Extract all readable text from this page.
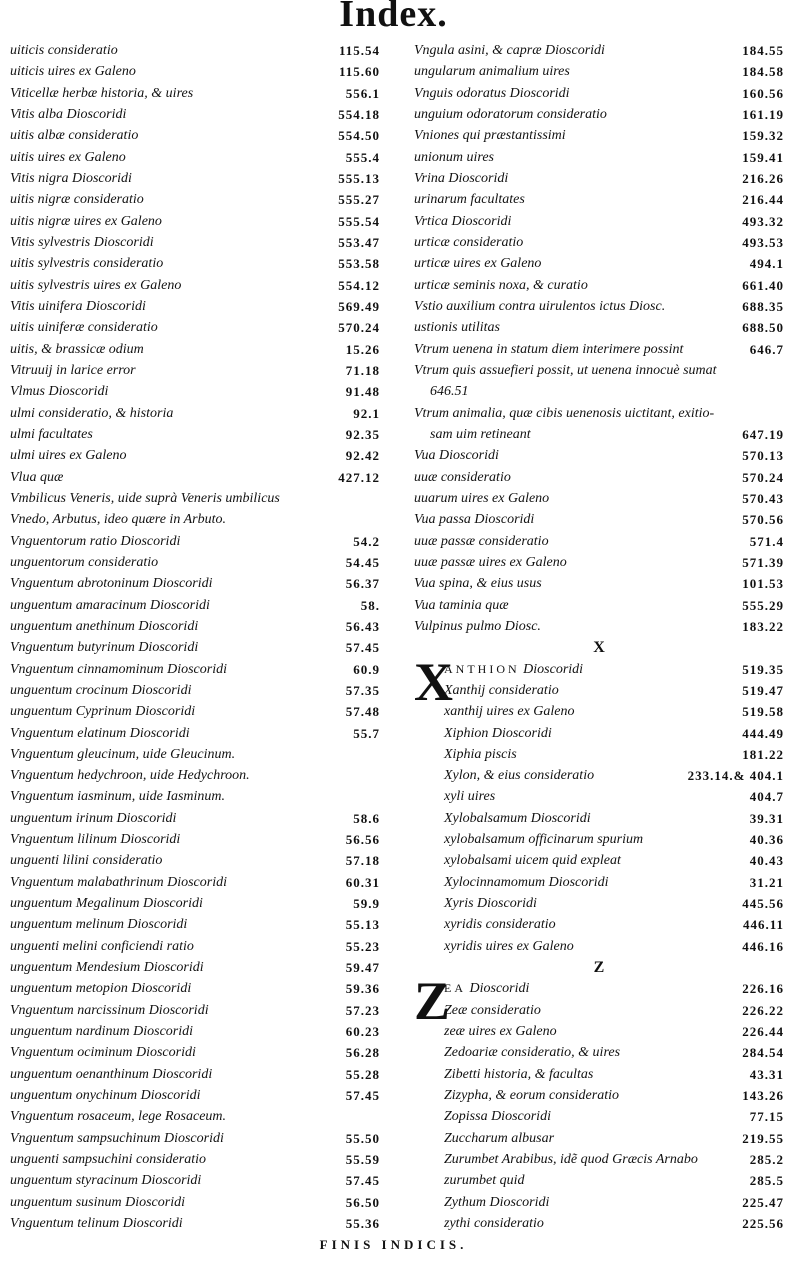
Index.
uiticis consideratio	115.54
uiticis uires ex Galeno	115.60
Viticellæ herbæ historia, & uires	556.1
Vitis alba Dioscoridi	554.18
uitis albæ consideratio	554.50
uitis uires ex Galeno	555.4
Vitis nigra Dioscoridi	555.13
uitis nigræ consideratio	555.27
uitis nigræ uires ex Galeno	555.54
Vitis sylvestris Dioscoridi	553.47
uitis sylvestris consideratio	553.58
uitis sylvestris uires ex Galeno	554.12
Vitis uinifera Dioscoridi	569.49
uitis uiniferæ consideratio	570.24
uitis, & brassicæ odium	15.26
Vitruuij in larice error	71.18
Vlmus Dioscoridi	91.48
ulmi consideratio, & historia	92.1
ulmi facultates	92.35
ulmi uires ex Galeno	92.42
Vlua quæ	427.12
Vmbilicus Veneris, uide suprà Veneris umbilicus
Vnedo, Arbutus, ideo quære in Arbuto.
Vnguentorum ratio Dioscoridi	54.2
unguentorum consideratio	54.45
Vnguentum abrotoninum Dioscoridi	56.37
unguentum amaracinum Dioscoridi	58.
unguentum anethinum Dioscoridi	56.43
Vnguentum butyrinum Dioscoridi	57.45
Vnguentum cinnamominum Dioscoridi	60.9
unguentum crocinum Dioscoridi	57.35
unguentum Cyprinum Dioscoridi	57.48
Vnguentum elatinum Dioscoridi	55.7
Vnguentum gleucinum, uide Gleucinum.
Vnguentum hedychroon, uide Hedychroon.
Vnguentum iasminum, uide Iasminum.
unguentum irinum Dioscoridi	58.6
Vnguentum lilinum Dioscoridi	56.56
unguenti lilini consideratio	57.18
Vnguentum malabathrinum Dioscoridi	60.31
unguentum Megalinum Dioscoridi	59.9
unguentum melinum Dioscoridi	55.13
unguenti melini conficiendi ratio	55.23
unguentum Mendesium Dioscoridi	59.47
unguentum metopion Dioscoridi	59.36
Vnguentum narcissinum Dioscoridi	57.23
unguentum nardinum Dioscoridi	60.23
Vnguentum ociminum Dioscoridi	56.28
unguentum oenanthinum Dioscoridi	55.28
unguentum onychinum Dioscoridi	57.45
Vnguentum rosaceum, lege Rosaceum.
Vnguentum sampsuchinum Dioscoridi	55.50
unguenti sampsuchini consideratio	55.59
unguentum styracinum Dioscoridi	57.45
unguentum susinum Dioscoridi	56.50
Vnguentum telinum Dioscoridi	55.36
Vngula asini, & capræ Dioscoridi	184.55
ungularum animalium uires	184.58
Vnguis odoratus Dioscoridi	160.56
unguium odoratorum consideratio	161.19
Vniones qui præstantissimi	159.32
unionum uires	159.41
Vrina Dioscoridi	216.26
urinarum facultates	216.44
Vrtica Dioscoridi	493.32
urticæ consideratio	493.53
urticæ uires ex Galeno	494.1
urticæ seminis noxa, & curatio	661.40
Vstio auxilium contra uirulentos ictus Diosc.	688.35
ustionis utilitas	688.50
Vtrum uenena in statum diem interimere possint	646.7
Vtrum quis assuefieri possit, ut uenena innocuè sumat
646.51
Vtrum animalia, quæ cibis uenenosis uictitant, exitio-
sam uim retineant	647.19
Vua Dioscoridi	570.13
uuæ consideratio	570.24
uuarum uires ex Galeno	570.43
Vua passa Dioscoridi	570.56
uuæ passæ consideratio	571.4
uuæ passæ uires ex Galeno	571.39
Vua spina, & eius usus	101.53
Vua taminia quæ	555.29
Vulpinus pulmo Diosc.	183.22
X
X
ANTHION Dioscoridi	519.35
Xanthij consideratio	519.47
xanthij uires ex Galeno	519.58
Xiphion Dioscoridi	444.49
Xiphia piscis	181.22
Xylon, & eius consideratio	233.14.& 404.1
xyli uires	404.7
Xylobalsamum Dioscoridi	39.31
xylobalsamum officinarum spurium	40.36
xylobalsami uicem quid expleat	40.43
Xylocinnamomum Dioscoridi	31.21
Xyris Dioscoridi	445.56
xyridis consideratio	446.11
xyridis uires ex Galeno	446.16
Z
Z
EA Dioscoridi	226.16
Zeæ consideratio	226.22
zeæ uires ex Galeno	226.44
Zedoariæ consideratio, & uires	284.54
Zibetti historia, & facultas	43.31
Zizypha, & eorum consideratio	143.26
Zopissa Dioscoridi	77.15
Zuccharum albusar	219.55
Zurumbet Arabibus, idẽ quod Græcis Arnabo	285.2
zurumbet quid	285.5
Zythum Dioscoridi	225.47
zythi consideratio	225.56
FINIS INDICIS.
